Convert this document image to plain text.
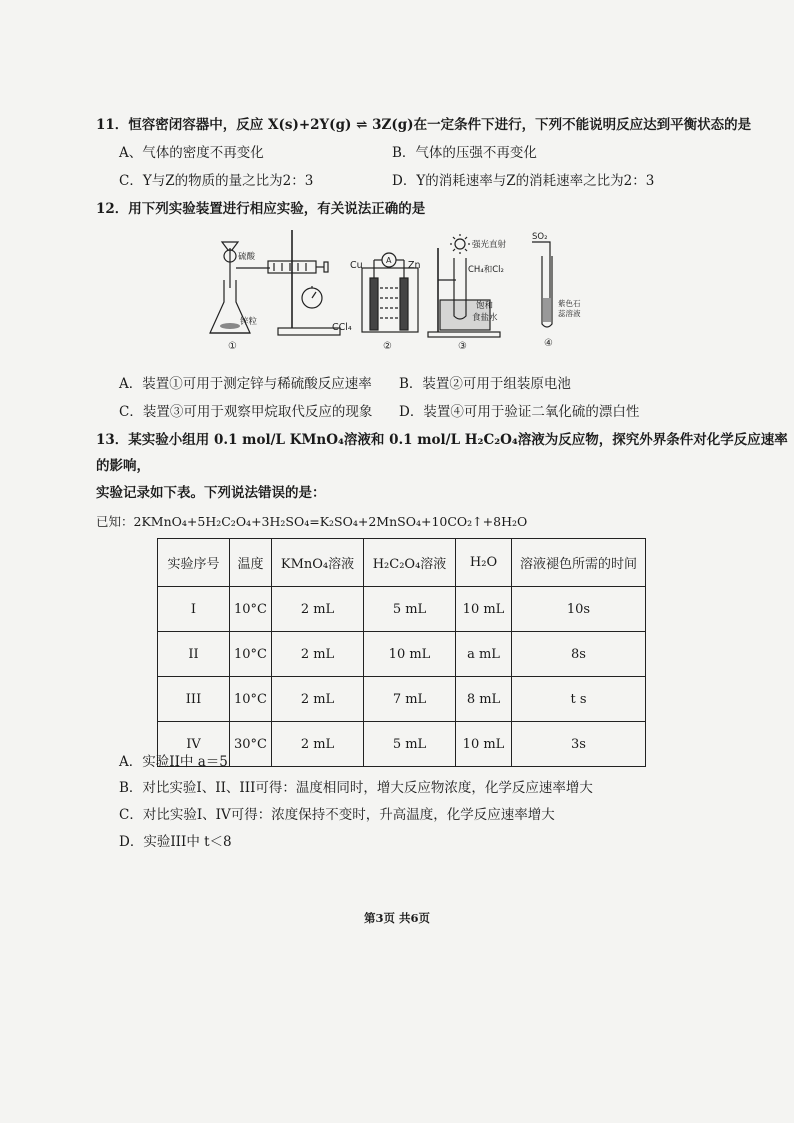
11．恒容密闭容器中，反应 X(s)+2Y(g) ⇌ 3Z(g)在一定条件下进行，下列不能说明反应达到平衡状态的是
A、气体的密度不再变化	B．气体的压强不再变化
C．Y与Z的物质的量之比为2：3	D．Y的消耗速率与Z的消耗速率之比为2：3
12．用下列实验装置进行相应实验，有关说法正确的是
硫酸
锌粒
①
Cu	Zn
A
CCl₄
②
强光直射
CH₄和Cl₂
饱和
食盐水
③
SO₂
紫色石
蕊溶液
④
A．装置①可用于测定锌与稀硫酸反应速率 B．装置②可用于组装原电池
C．装置③可用于观察甲烷取代反应的现象 D．装置④可用于验证二氧化硫的漂白性
13．某实验小组用 0.1 mol/L KMnO₄溶液和 0.1 mol/L H₂C₂O₄溶液为反应物，探究外界条件对化学反应速率
的影响，
实验记录如下表。下列说法错误的是：
已知：2KMnO₄+5H₂C₂O₄+3H₂SO₄=K₂SO₄+2MnSO₄+10CO₂↑+8H₂O
实验序号	温度	KMnO₄溶液	H₂C₂O₄溶液	H₂O	溶液褪色所需的时间
I	10°C	2 mL	5 mL	10 mL	10s
II	10°C	2 mL	10 mL	a mL	8s
III	10°C	2 mL	7 mL	8 mL	t s
IV	30°C	2 mL	5 mL	10 mL	3s
A．实验II中 a＝5
B．对比实验I、II、III可得：温度相同时，增大反应物浓度，化学反应速率增大
C．对比实验I、IV可得：浓度保持不变时，升高温度，化学反应速率增大
D．实验III中 t＜8
第3页 共6页
